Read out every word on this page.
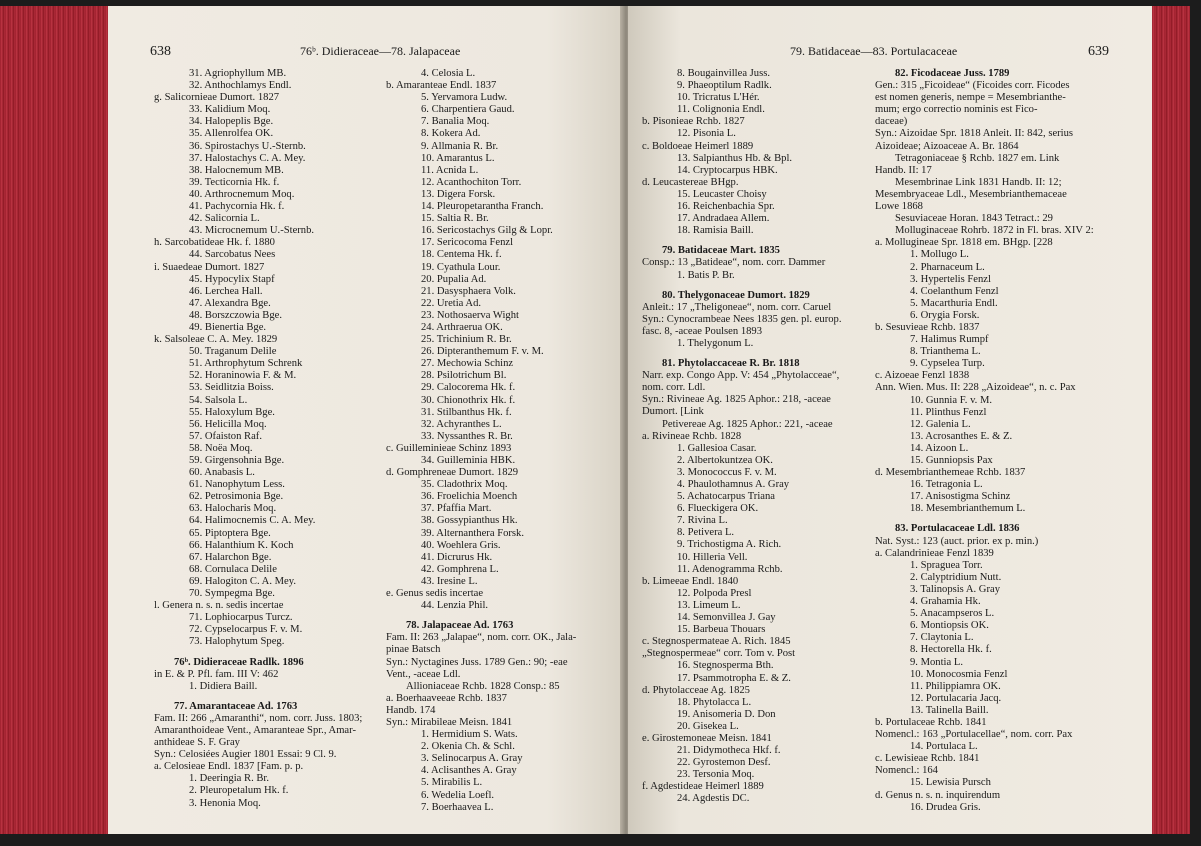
638	76ᵇ. Didieraceae—78. Jalapaceae
31. Agriophyllum MB.
32. Anthochlamys Endl.
g. Salicornieae Dumort. 1827
33. Kalidium Moq.
34. Halopeplis Bge.
35. Allenrolfea OK.
36. Spirostachys U.-Sternb.
37. Halostachys C. A. Mey.
38. Halocnemum MB.
39. Tecticornia Hk. f.
40. Arthrocnemum Moq.
41. Pachycornia Hk. f.
42. Salicornia L.
43. Microcnemum U.-Sternb.
h. Sarcobatideae Hk. f. 1880
44. Sarcobatus Nees
i. Suaedeae Dumort. 1827
45. Hypocylix Stapf
46. Lerchea Hall.
47. Alexandra Bge.
48. Borszczowia Bge.
49. Bienertia Bge.
k. Salsoleae C. A. Mey. 1829
50. Traganum Delile
51. Arthrophytum Schrenk
52. Horaninowia F. & M.
53. Seidlitzia Boiss.
54. Salsola L.
55. Haloxylum Bge.
56. Helicilla Moq.
57. Ofaiston Raf.
58. Noëa Moq.
59. Girgensohnia Bge.
60. Anabasis L.
61. Nanophytum Less.
62. Petrosimonia Bge.
63. Halocharis Moq.
64. Halimocnemis C. A. Mey.
65. Piptoptera Bge.
66. Halanthium K. Koch
67. Halarchon Bge.
68. Cornulaca Delile
69. Halogiton C. A. Mey.
70. Sympegma Bge.
l. Genera n. s. n. sedis incertae
71. Lophiocarpus Turcz.
72. Cypselocarpus F. v. M.
73. Halophytum Speg.
76ᵇ. Didieraceae Radlk. 1896
in E. & P. Pfl. fam. III V: 462
1. Didiera Baill.
77. Amarantaceae Ad. 1763
Fam. II: 266 „Amaranthi“, nom. corr. Juss. 1803;
Amaranthoideae Vent., Amaranteae Spr., Amar-
anthideae S. F. Gray
Syn.: Celosiées Augier 1801 Essai: 9 Cl. 9.
a. Celosieae Endl. 1837 [Fam. p. p.
1. Deeringia R. Br.
2. Pleuropetalum Hk. f.
3. Henonia Moq.
4. Celosia L.
b. Amaranteae Endl. 1837
5. Yervamora Ludw.
6. Charpentiera Gaud.
7. Banalia Moq.
8. Kokera Ad.
9. Allmania R. Br.
10. Amarantus L.
11. Acnida L.
12. Acanthochiton Torr.
13. Digera Forsk.
14. Pleuropetarantha Franch.
15. Saltia R. Br.
16. Sericostachys Gilg & Lopr.
17. Sericocoma Fenzl
18. Centema Hk. f.
19. Cyathula Lour.
20. Pupalia Ad.
21. Dasysphaera Volk.
22. Uretia Ad.
23. Nothosaerva Wight
24. Arthraerua OK.
25. Trichinium R. Br.
26. Dipteranthemum F. v. M.
27. Mechowia Schinz
28. Psilotrichum Bl.
29. Calocorema Hk. f.
30. Chionothrix Hk. f.
31. Stilbanthus Hk. f.
32. Achyranthes L.
33. Nyssanthes R. Br.
c. Guilleminieae Schinz 1893
34. Guilleminia HBK.
d. Gomphreneae Dumort. 1829
35. Cladothrix Moq.
36. Froelichia Moench
37. Pfaffia Mart.
38. Gossypianthus Hk.
39. Alternanthera Forsk.
40. Woehlera Gris.
41. Dicrurus Hk.
42. Gomphrena L.
43. Iresine L.
e. Genus sedis incertae
44. Lenzia Phil.
78. Jalapaceae Ad. 1763
Fam. II: 263 „Jalapae“, nom. corr. OK., Jala-
pinae Batsch
Syn.: Nyctagines Juss. 1789 Gen.: 90; -eae
Vent., -aceae Ldl.
Allioniaceae Rchb. 1828 Consp.: 85
a. Boerhaaveeae Rchb. 1837
Handb. 174
Syn.: Mirabileae Meisn. 1841
1. Hermidium S. Wats.
2. Okenia Ch. & Schl.
3. Selinocarpus A. Gray
4. Aclisanthes A. Gray
5. Mirabilis L.
6. Wedelia Loefl.
7. Boerhaavea L.
79. Batidaceae—83. Portulacaceae	639
8. Bougainvillea Juss.
9. Phaeoptilum Radlk.
10. Tricratus L'Hér.
11. Colignonia Endl.
b. Pisonieae Rchb. 1827
12. Pisonia L.
c. Boldoeae Heimerl 1889
13. Salpianthus Hb. & Bpl.
14. Cryptocarpus HBK.
d. Leucastereae BHgp.
15. Leucaster Choisy
16. Reichenbachia Spr.
17. Andradaea Allem.
18. Ramisia Baill.
79. Batidaceae Mart. 1835
Consp.: 13 „Batideae“, nom. corr. Dammer
1. Batis P. Br.
80. Thelygonaceae Dumort. 1829
Anleit.: 17 „Theligoneae“, nom. corr. Caruel
Syn.: Cynocrambeae Nees 1835 gen. pl. europ.
fasc. 8, -aceae Poulsen 1893
1. Thelygonum L.
81. Phytolaccaceae R. Br. 1818
Narr. exp. Congo App. V: 454 „Phytolacceae“,
nom. corr. Ldl.
Syn.: Rivineae Ag. 1825 Aphor.: 218, -aceae
Dumort. [Link
Petivereae Ag. 1825 Aphor.: 221, -aceae
a. Rivineae Rchb. 1828
1. Gallesioa Casar.
2. Albertokuntzea OK.
3. Monococcus F. v. M.
4. Phaulothamnus A. Gray
5. Achatocarpus Triana
6. Flueckigera OK.
7. Rivina L.
8. Petivera L.
9. Trichostigma A. Rich.
10. Hilleria Vell.
11. Adenogramma Rchb.
b. Limeeae Endl. 1840
12. Polpoda Presl
13. Limeum L.
14. Semonvillea J. Gay
15. Barbeua Thouars
c. Stegnospermateae A. Rich. 1845
„Stegnospermeae“ corr. Tom v. Post
16. Stegnosperma Bth.
17. Psammotropha E. & Z.
d. Phytolacceae Ag. 1825
18. Phytolacca L.
19. Anisomeria D. Don
20. Gisekea L.
e. Girostemoneae Meisn. 1841
21. Didymotheca Hkf. f.
22. Gyrostemon Desf.
23. Tersonia Moq.
f. Agdestideae Heimerl 1889
24. Agdestis DC.
82. Ficodaceae Juss. 1789
Gen.: 315 „Ficoideae“ (Ficoides corr. Ficodes
est nomen generis, nempe = Mesembrianthe-
mum; ergo correctio nominis est Fico-
daceae)
Syn.: Aizoidae Spr. 1818 Anleit. II: 842, serius
Aizoideae; Aizoaceae A. Br. 1864
Tetragoniaceae § Rchb. 1827 em. Link
Handb. II: 17
Mesembrinae Link 1831 Handb. II: 12;
Mesembryaceae Ldl., Mesembrianthemaceae
Lowe 1868
Sesuviaceae Horan. 1843 Tetract.: 29
Molluginaceae Rohrb. 1872 in Fl. bras. XIV 2:
a. Mollugineae Spr. 1818 em. BHgp. [228
1. Mollugo L.
2. Pharnaceum L.
3. Hypertelis Fenzl
4. Coelanthum Fenzl
5. Macarthuria Endl.
6. Orygia Forsk.
b. Sesuvieae Rchb. 1837
7. Halimus Rumpf
8. Trianthema L.
9. Cypselea Turp.
c. Aizoeae Fenzl 1838
Ann. Wien. Mus. II: 228 „Aizoideae“, n. c. Pax
10. Gunnia F. v. M.
11. Plinthus Fenzl
12. Galenia L.
13. Acrosanthes E. & Z.
14. Aizoon L.
15. Gunniopsis Pax
d. Mesembrianthemeae Rchb. 1837
16. Tetragonia L.
17. Anisostigma Schinz
18. Mesembrianthemum L.
83. Portulacaceae Ldl. 1836
Nat. Syst.: 123 (auct. prior. ex p. min.)
a. Calandrinieae Fenzl 1839
1. Spraguea Torr.
2. Calyptridium Nutt.
3. Talinopsis A. Gray
4. Grahamia Hk.
5. Anacampseros L.
6. Montiopsis OK.
7. Claytonia L.
8. Hectorella Hk. f.
9. Montia L.
10. Monocosmia Fenzl
11. Philippiamra OK.
12. Portulacaria Jacq.
13. Talinella Baill.
b. Portulaceae Rchb. 1841
Nomencl.: 163 „Portulacellae“, nom. corr. Pax
14. Portulaca L.
c. Lewisieae Rchb. 1841
Nomencl.: 164
15. Lewisia Pursch
d. Genus n. s. n. inquirendum
16. Drudea Gris.
